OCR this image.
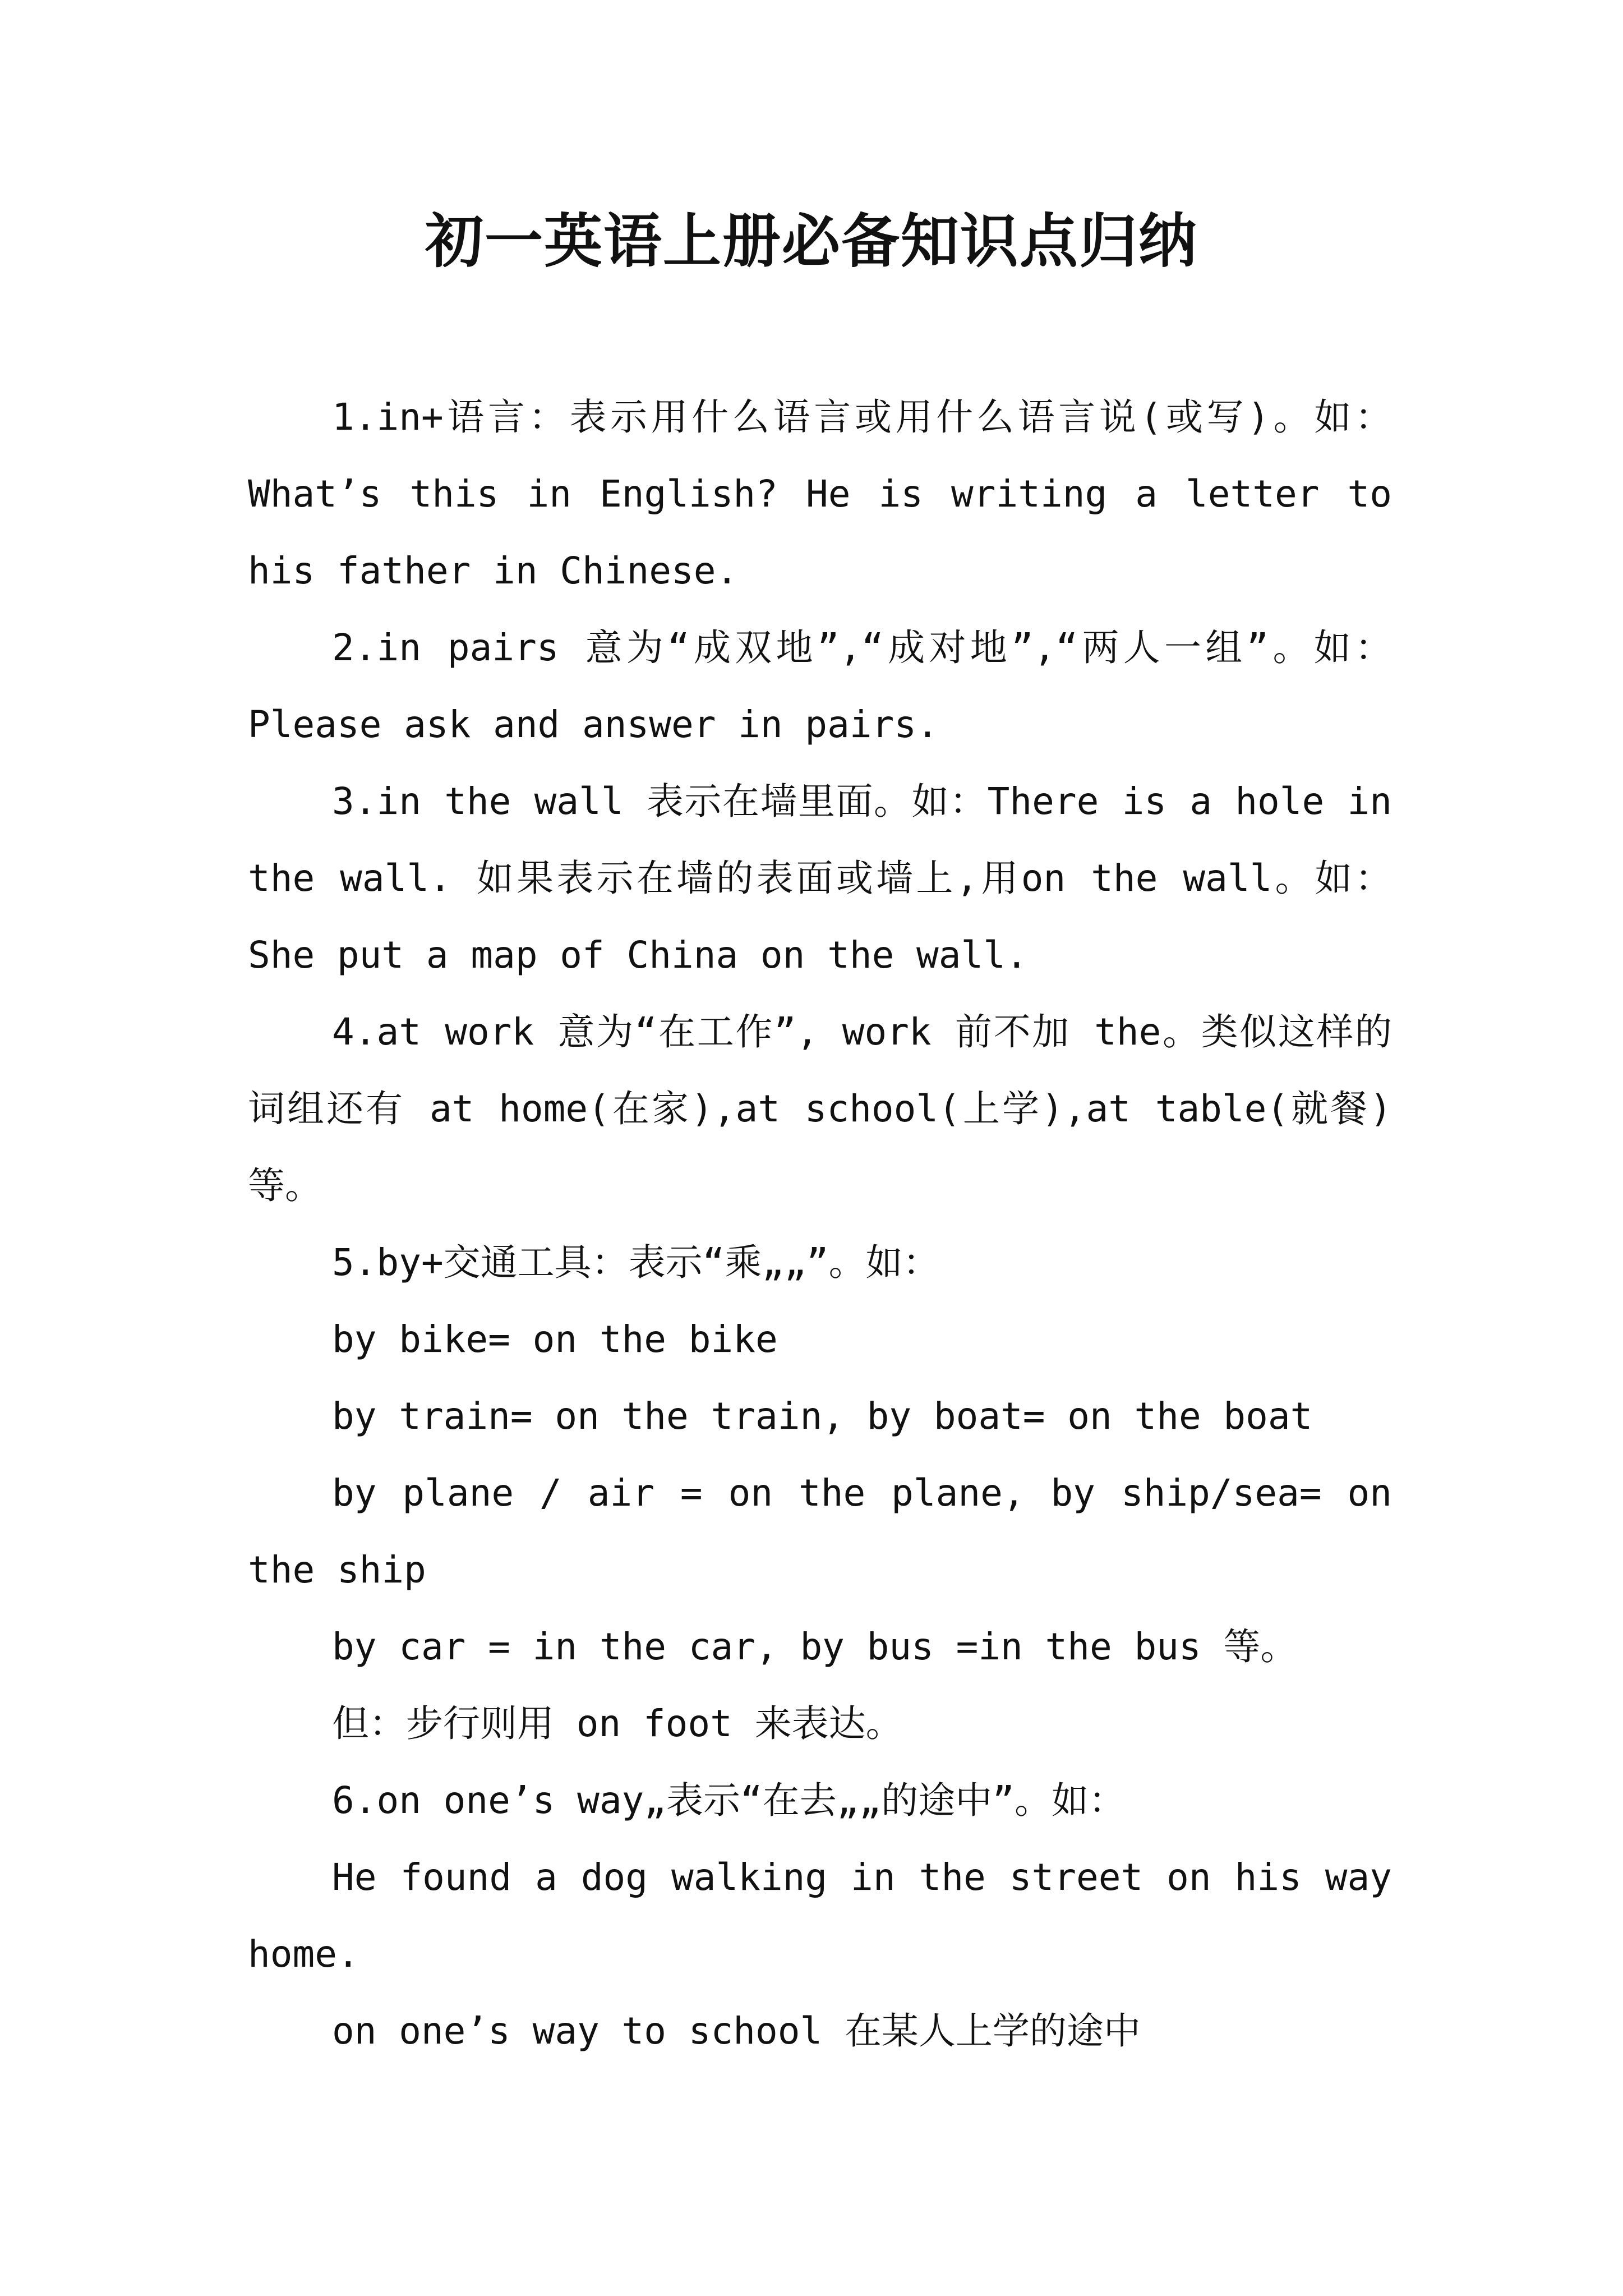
初一英语上册必备知识点归纳

1.in+语言：表示用什么语言或用什么语言说(或写)。如：What’s this in English? He is writing a letter to his father in Chinese.

2.in pairs 意为“成双地”,“成对地”,“两人一组”。如：Please ask and answer in pairs.

3.in the wall 表示在墙里面。如：There is a hole in the wall. 如果表示在墙的表面或墙上,用on the wall。如：She put a map of China on the wall.

4.at work 意为“在工作”, work 前不加 the。类似这样的词组还有 at home(在家),at school(上学),at table(就餐)等。

5.by+交通工具：表示“乘„„”。如：

by bike= on the bike

by train= on the train, by boat= on the boat

by plane / air = on the plane, by ship/sea= on the ship

by car = in the car, by bus =in the bus 等。

但：步行则用 on foot 来表达。

6.on one’s way„表示“在去„„的途中”。如：

He found a dog walking in the street on his way home.

on one’s way to school 在某人上学的途中
